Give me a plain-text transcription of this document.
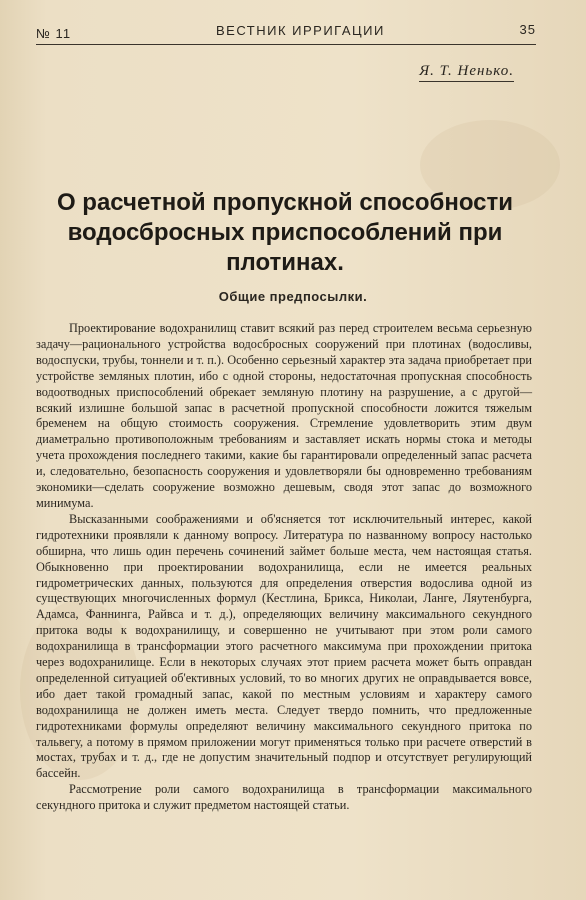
№ 11	ВЕСТНИК ИРРИГАЦИИ	35
Я. Т. Ненько.
О расчетной пропускной способности водосбросных приспособлений при плотинах.
Общие предпосылки.

Проектирование водохранилищ ставит всякий раз перед строителем весьма серьезную задачу—рационального устройства водосбросных сооружений при плотинах (водосливы, водоспуски, трубы, тоннели и т. п.). Особенно серьезный характер эта задача приобретает при устройстве земляных плотин, ибо с одной стороны, недостаточная пропускная способность водоотводных приспособлений обрекает земляную плотину на разрушение, а с другой—всякий излишне большой запас в расчетной пропускной способности ложится тяжелым бременем на общую стоимость сооружения. Стремление удовлетворить этим двум диаметрально противоположным требованиям и заставляет искать нормы стока и методы учета прохождения последнего такими, какие бы гарантировали определенный запас расчета и, следовательно, безопасность сооружения и удовлетворяли бы одновременно требованиям экономики—сделать сооружение возможно дешевым, сводя этот запас до возможного минимума.

Высказанными соображениями и об'ясняется тот исключительный интерес, какой гидротехники проявляли к данному вопросу. Литература по названному вопросу настолько обширна, что лишь один перечень сочинений займет больше места, чем настоящая статья. Обыкновенно при проектировании водохранилища, если не имеется реальных гидрометрических данных, пользуются для определения отверстия водослива одной из существующих многочисленных формул (Кестлина, Брикса, Николаи, Ланге, Ляутенбурга, Адамса, Фаннинга, Райвса и т. д.), определяющих величину максимального секундного притока воды к водохранилищу, и совершенно не учитывают при этом роли самого водохранилища в трансформации этого расчетного максимума при прохождении притока через водохранилище. Если в некоторых случаях этот прием расчета может быть оправдан определенной ситуацией об'ективных условий, то во многих других не оправдывается вовсе, ибо дает такой громадный запас, какой по местным условиям и характеру самого водохранилища не должен иметь места. Следует твердо помнить, что предложенные гидротехниками формулы определяют величину максимального секундного притока по тальвегу, а потому в прямом приложении могут применяться только при расчете отверстий в мостах, трубах и т. д., где не допустим значительный подпор и отсутствует регулирующий бассейн.

Рассмотрение роли самого водохранилища в трансформации максимального секундного притока и служит предметом настоящей статьи.
